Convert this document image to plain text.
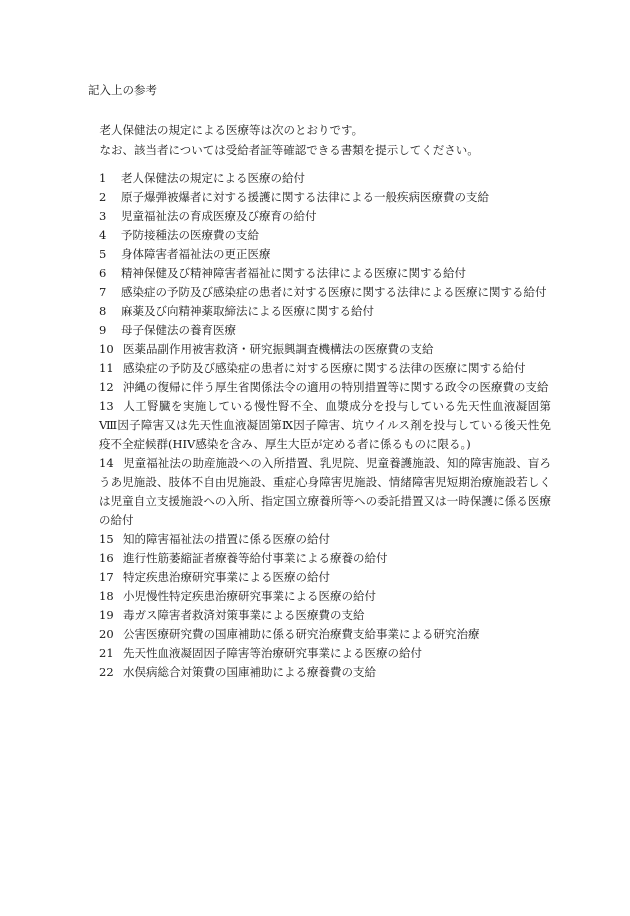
記入上の参考

老人保健法の規定による医療等は次のとおりです。

なお、該当者については受給者証等確認できる書類を提示してください。

1 老人保健法の規定による医療の給付
2 原子爆弾被爆者に対する援護に関する法律による一般疾病医療費の支給
3 児童福祉法の育成医療及び療育の給付
4 予防接種法の医療費の支給
5 身体障害者福祉法の更正医療
6 精神保健及び精神障害者福祉に関する法律による医療に関する給付
7 感染症の予防及び感染症の患者に対する医療に関する法律による医療に関する給付
8 麻薬及び向精神薬取締法による医療に関する給付
9 母子保健法の養育医療
10 医薬品副作用被害救済・研究振興調査機構法の医療費の支給
11 感染症の予防及び感染症の患者に対する医療に関する法律の医療に関する給付
12 沖縄の復帰に伴う厚生省関係法令の適用の特別措置等に関する政令の医療費の支給
13 人工腎臓を実施している慢性腎不全、血漿成分を投与している先天性血液凝固第Ⅷ因子障害又は先天性血液凝固第Ⅸ因子障害、坑ウイルス剤を投与している後天性免疫不全症候群(HIV感染を含み、厚生大臣が定める者に係るものに限る。)
14 児童福祉法の助産施設への入所措置、乳児院、児童養護施設、知的障害施設、盲ろうあ児施設、肢体不自由児施設、重症心身障害児施設、情緒障害児短期治療施設若しくは児童自立支援施設への入所、指定国立療養所等への委託措置又は一時保護に係る医療の給付
15 知的障害福祉法の措置に係る医療の給付
16 進行性筋萎縮証者療養等給付事業による療養の給付
17 特定疾患治療研究事業による医療の給付
18 小児慢性特定疾患治療研究事業による医療の給付
19 毒ガス障害者救済対策事業による医療費の支給
20 公害医療研究費の国庫補助に係る研究治療費支給事業による研究治療
21 先天性血液凝固因子障害等治療研究事業による医療の給付
22 水俣病総合対策費の国庫補助による療養費の支給
